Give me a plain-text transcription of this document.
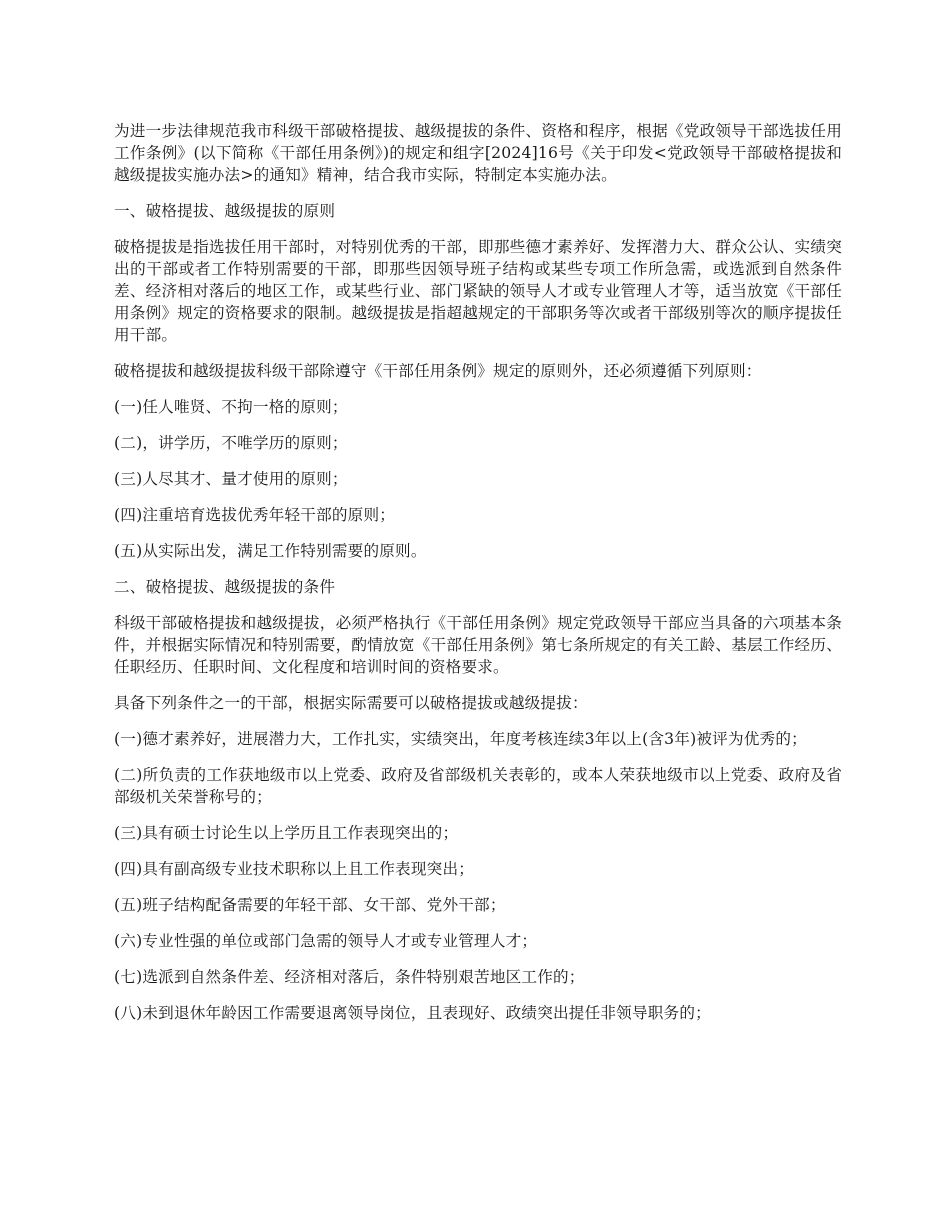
为进一步法律规范我市科级干部破格提拔、越级提拔的条件、资格和程序，根据《党政领导干部选拔任用工作条例》(以下简称《干部任用条例》)的规定和组字[2024]16号《关于印发<党政领导干部破格提拔和越级提拔实施办法>的通知》精神，结合我市实际，特制定本实施办法。

一、破格提拔、越级提拔的原则

破格提拔是指选拔任用干部时，对特别优秀的干部，即那些德才素养好、发挥潜力大、群众公认、实绩突出的干部或者工作特别需要的干部，即那些因领导班子结构或某些专项工作所急需，或选派到自然条件差、经济相对落后的地区工作，或某些行业、部门紧缺的领导人才或专业管理人才等，适当放宽《干部任用条例》规定的资格要求的限制。越级提拔是指超越规定的干部职务等次或者干部级别等次的顺序提拔任用干部。

破格提拔和越级提拔科级干部除遵守《干部任用条例》规定的原则外，还必须遵循下列原则：

(一)任人唯贤、不拘一格的原则；

(二)，讲学历，不唯学历的原则；

(三)人尽其才、量才使用的原则；

(四)注重培育选拔优秀年轻干部的原则；

(五)从实际出发，满足工作特别需要的原则。

二、破格提拔、越级提拔的条件

科级干部破格提拔和越级提拔，必须严格执行《干部任用条例》规定党政领导干部应当具备的六项基本条件，并根据实际情况和特别需要，酌情放宽《干部任用条例》第七条所规定的有关工龄、基层工作经历、任职经历、任职时间、文化程度和培训时间的资格要求。

具备下列条件之一的干部，根据实际需要可以破格提拔或越级提拔：

(一)德才素养好，进展潜力大，工作扎实，实绩突出，年度考核连续3年以上(含3年)被评为优秀的；

(二)所负责的工作获地级市以上党委、政府及省部级机关表彰的，或本人荣获地级市以上党委、政府及省部级机关荣誉称号的；

(三)具有硕士讨论生以上学历且工作表现突出的；

(四)具有副高级专业技术职称以上且工作表现突出；

(五)班子结构配备需要的年轻干部、女干部、党外干部；

(六)专业性强的单位或部门急需的领导人才或专业管理人才；

(七)选派到自然条件差、经济相对落后，条件特别艰苦地区工作的；

(八)未到退休年龄因工作需要退离领导岗位，且表现好、政绩突出提任非领导职务的；
